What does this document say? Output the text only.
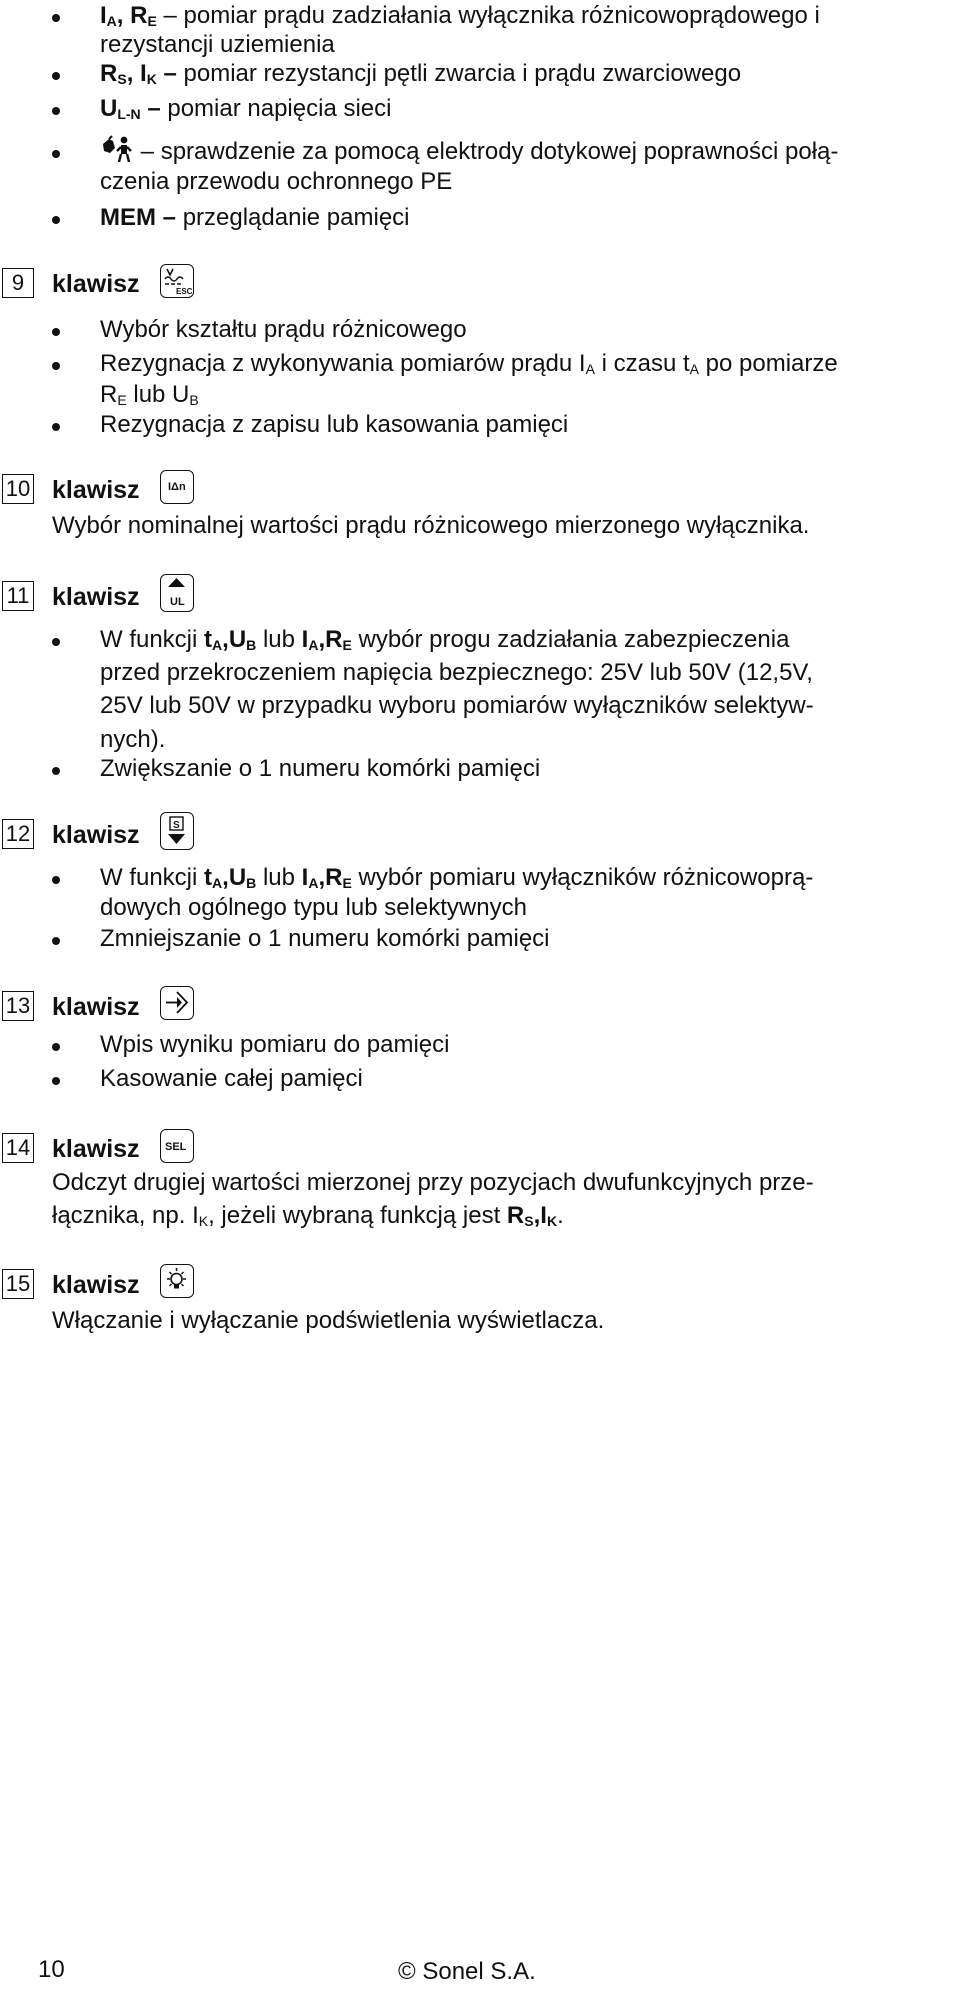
$I_A$, $R_E$ – pomiar prądu zadziałania wyłącznika różnicowoprądowego i
rezystancji uziemienia
$R_S$, $I_K$ – pomiar rezystancji pętli zwarcia i prądu zwarciowego
$U_{L-N}$ – pomiar napięcia sieci
– sprawdzenie za pomocą elektrody dotykowej poprawności połą-
czenia przewodu ochronnego PE
MEM – przeglądanie pamięci
9	klawisz	ESC
Wybór kształtu prądu różnicowego
Rezygnacja z wykonywania pomiarów prądu $I_A$ i czasu $t_A$ po pomiarze
$R_E$ lub $U_B$
Rezygnacja z zapisu lub kasowania pamięci
10 klawisz	IΔn
Wybór nominalnej wartości prądu różnicowego mierzonego wyłącznika.
11 klawisz	UL
W funkcji $t_A,U_B$ lub $I_A,R_E$ wybór progu zadziałania zabezpieczenia
przed przekroczeniem napięcia bezpiecznego: 25V lub 50V (12,5V,
25V lub 50V w przypadku wyboru pomiarów wyłączników selektyw-
nych).
Zwiększanie o 1 numeru komórki pamięci
12 klawisz	S
W funkcji $t_A,U_B$ lub $I_A,R_E$ wybór pomiaru wyłączników różnicowoprą-
dowych ogólnego typu lub selektywnych
Zmniejszanie o 1 numeru komórki pamięci
13 klawisz
Wpis wyniku pomiaru do pamięci
Kasowanie całej pamięci
14 klawisz SEL
Odczyt drugiej wartości mierzonej przy pozycjach dwufunkcyjnych prze-
łącznika, np. $I_K$, jeżeli wybraną funkcją jest $R_S,I_K$.
15 klawisz
Włączanie i wyłączanie podświetlenia wyświetlacza.
10	© Sonel S.A.
